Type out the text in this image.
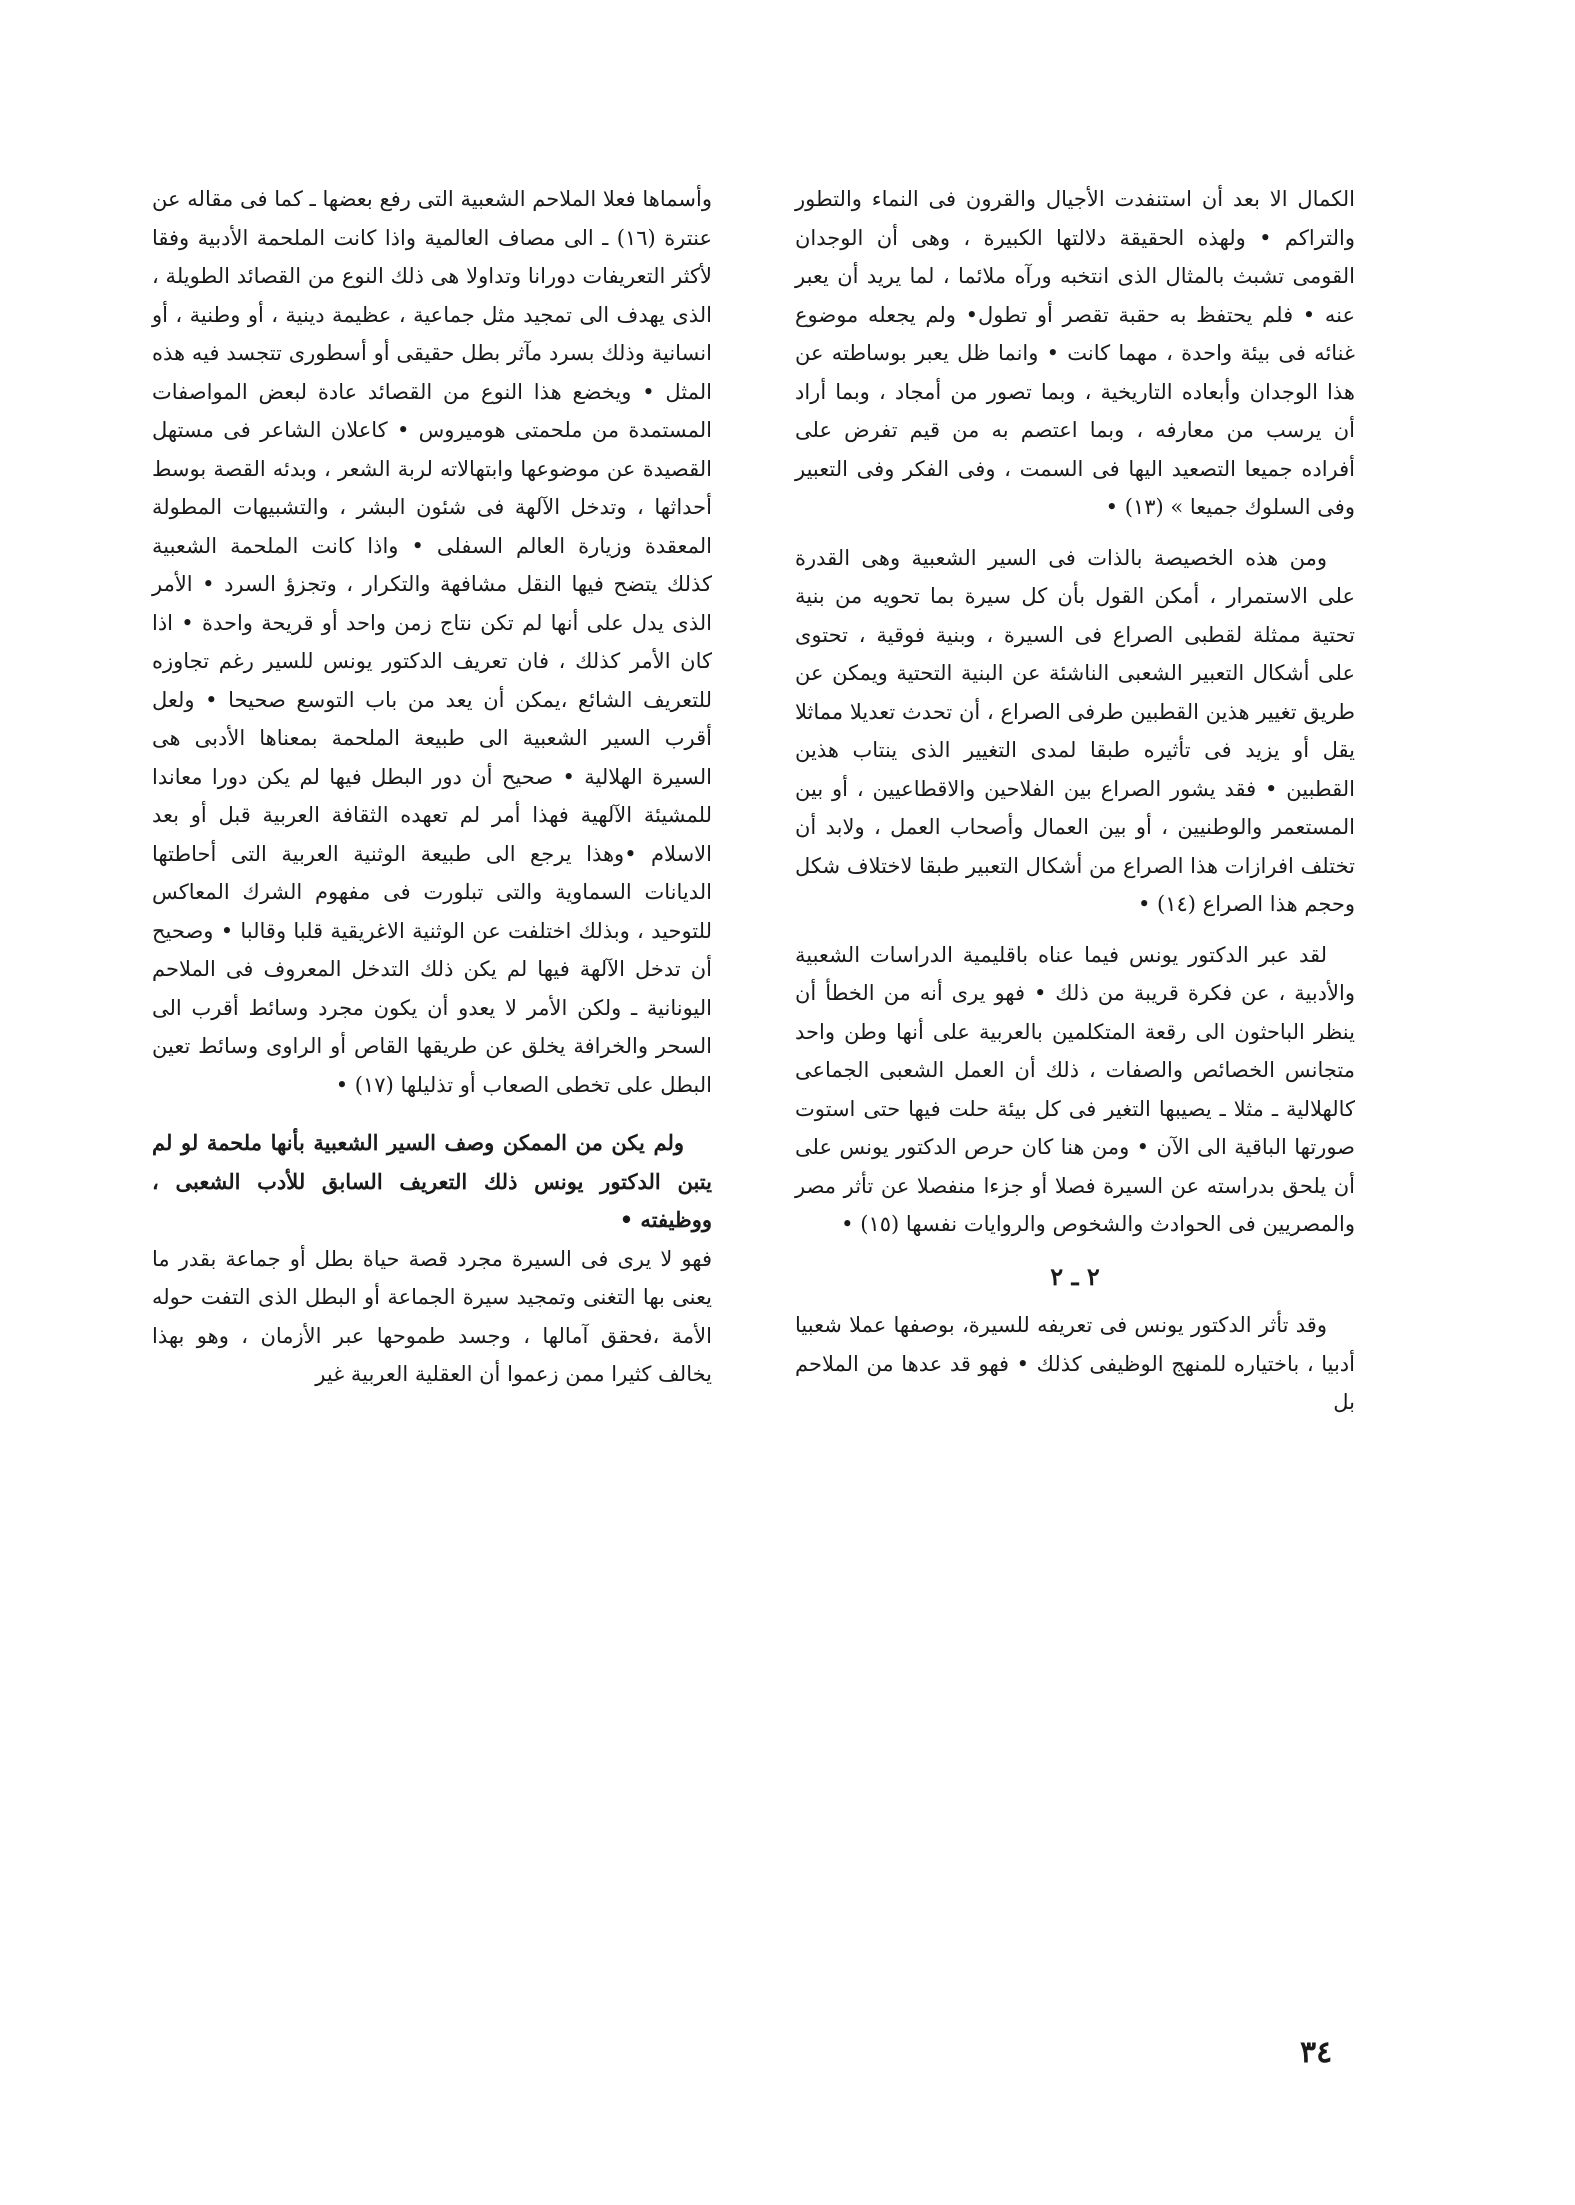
الكمال الا بعد أن استنفدت الأجيال والقرون فى النماء والتطور والتراكم • ولهذه الحقيقة دلالتها الكبيرة ، وهى أن الوجدان القومى تشبث بالمثال الذى انتخبه ورآه ملائما ، لما يريد أن يعبر عنه • فلم يحتفظ به حقبة تقصر أو تطول• ولم يجعله موضوع غنائه فى بيئة واحدة ، مهما كانت • وانما ظل يعبر بوساطته عن هذا الوجدان وأبعاده التاريخية ، وبما تصور من أمجاد ، وبما أراد أن يرسب من معارفه ، وبما اعتصم به من قيم تفرض على أفراده جميعا التصعيد اليها فى السمت ، وفى الفكر وفى التعبير وفى السلوك جميعا » (١٣) •

ومن هذه الخصيصة بالذات فى السير الشعبية وهى القدرة على الاستمرار ، أمكن القول بأن كل سيرة بما تحويه من بنية تحتية ممثلة لقطبى الصراع فى السيرة ، وبنية فوقية ، تحتوى على أشكال التعبير الشعبى الناشئة عن البنية التحتية ويمكن عن طريق تغيير هذين القطبين طرفى الصراع ، أن تحدث تعديلا مماثلا يقل أو يزيد فى تأثيره طبقا لمدى التغيير الذى ينتاب هذين القطبين • فقد يشور الصراع بين الفلاحين والاقطاعيين ، أو بين المستعمر والوطنيين ، أو بين العمال وأصحاب العمل ، ولابد أن تختلف افرازات هذا الصراع من أشكال التعبير طبقا لاختلاف شكل وحجم هذا الصراع (١٤) •

لقد عبر الدكتور يونس فيما عناه باقليمية الدراسات الشعبية والأدبية ، عن فكرة قريبة من ذلك • فهو يرى أنه من الخطأ أن ينظر الباحثون الى رقعة المتكلمين بالعربية على أنها وطن واحد متجانس الخصائص والصفات ، ذلك أن العمل الشعبى الجماعى كالهلالية ـ مثلا ـ يصيبها التغير فى كل بيئة حلت فيها حتى استوت صورتها الباقية الى الآن • ومن هنا كان حرص الدكتور يونس على أن يلحق بدراسته عن السيرة فصلا أو جزءا منفصلا عن تأثر مصر والمصريين فى الحوادث والشخوص والروايات نفسها (١٥) •

٢ ـ ٢

وقد تأثر الدكتور يونس فى تعريفه للسيرة، بوصفها عملا شعبيا أدبيا ، باختياره للمنهج الوظيفى كذلك • فهو قد عدها من الملاحم بل

وأسماها فعلا الملاحم الشعبية التى رفع بعضها ـ كما فى مقاله عن عنترة (١٦) ـ الى مصاف العالمية واذا كانت الملحمة الأدبية وفقا لأكثر التعريفات دورانا وتداولا هى ذلك النوع من القصائد الطويلة ، الذى يهدف الى تمجيد مثل جماعية ، عظيمة دينية ، أو وطنية ، أو انسانية وذلك بسرد مآثر بطل حقيقى أو أسطورى تتجسد فيه هذه المثل • ويخضع هذا النوع من القصائد عادة لبعض المواصفات المستمدة من ملحمتى هوميروس • كاعلان الشاعر فى مستهل القصيدة عن موضوعها وابتهالاته لربة الشعر ، وبدئه القصة بوسط أحداثها ، وتدخل الآلهة فى شئون البشر ، والتشبيهات المطولة المعقدة وزيارة العالم السفلى • واذا كانت الملحمة الشعبية كذلك يتضح فيها النقل مشافهة والتكرار ، وتجزؤ السرد • الأمر الذى يدل على أنها لم تكن نتاج زمن واحد أو قريحة واحدة • اذا كان الأمر كذلك ، فان تعريف الدكتور يونس للسير رغم تجاوزه للتعريف الشائع ،يمكن أن يعد من باب التوسع صحيحا • ولعل أقرب السير الشعبية الى طبيعة الملحمة بمعناها الأدبى هى السيرة الهلالية • صحيح أن دور البطل فيها لم يكن دورا معاندا للمشيئة الآلهية فهذا أمر لم تعهده الثقافة العربية قبل أو بعد الاسلام •وهذا يرجع الى طبيعة الوثنية العربية التى أحاطتها الديانات السماوية والتى تبلورت فى مفهوم الشرك المعاكس للتوحيد ، وبذلك اختلفت عن الوثنية الاغريقية قلبا وقالبا • وصحيح أن تدخل الآلهة فيها لم يكن ذلك التدخل المعروف فى الملاحم اليونانية ـ ولكن الأمر لا يعدو أن يكون مجرد وسائط أقرب الى السحر والخرافة يخلق عن طريقها القاص أو الراوى وسائط تعين البطل على تخطى الصعاب أو تذليلها (١٧) •

ولم يكن من الممكن وصف السير الشعبية بأنها ملحمة لو لم يتبن الدكتور يونس ذلك التعريف السابق للأدب الشعبى ، ووظيفته •

فهو لا يرى فى السيرة مجرد قصة حياة بطل أو جماعة بقدر ما يعنى بها التغنى وتمجيد سيرة الجماعة أو البطل الذى التفت حوله الأمة ،فحقق آمالها ، وجسد طموحها عبر الأزمان ، وهو بهذا يخالف كثيرا ممن زعموا أن العقلية العربية غير

٣٤
